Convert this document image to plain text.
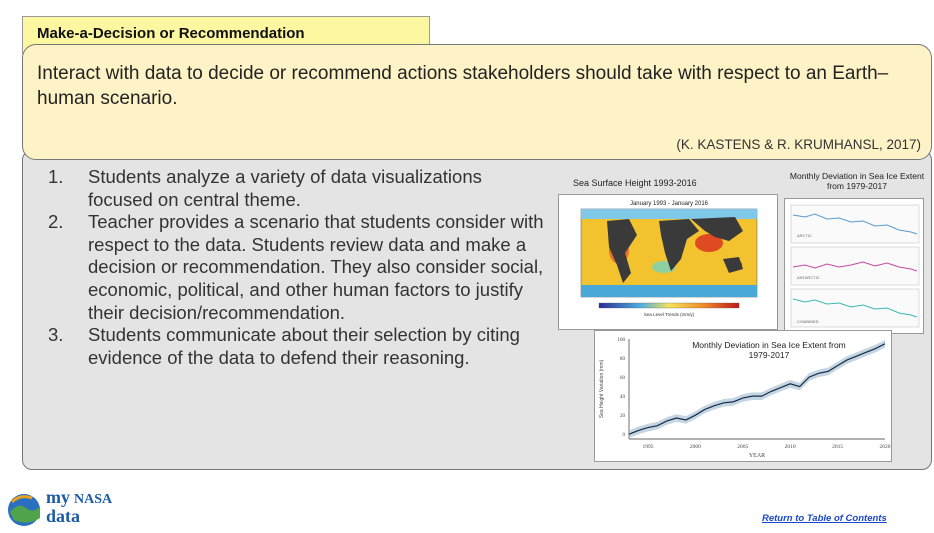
Make-a-Decision or Recommendation
Interact with data to decide or recommend actions stakeholders should take with respect to an Earth–human scenario.
(K. KASTENS & R. KRUMHANSL, 2017)
1. Students analyze a variety of data visualizations focused on central theme.
2. Teacher provides a scenario that students consider with respect to the data. Students review data and make a decision or recommendation. They also consider social, economic, political, and other human factors to justify their decision/recommendation.
3. Students communicate about their selection by citing evidence of the data to defend their reasoning.
Sea Surface Height 1993-2016
January 1993 - January 2016
Sea Level Trends (mm/y)
Monthly Deviation in Sea Ice Extent from 1979-2017
ARCTIC
ANTARCTIC
COMBINED
100
80
60
40
20
0
1995	2000	2005	2010	2015	2020
Sea Height Variation (mm)
YEAR
Monthly Deviation in Sea Ice Extent from 1979-2017
my NASA
data	Return to Table of Contents
